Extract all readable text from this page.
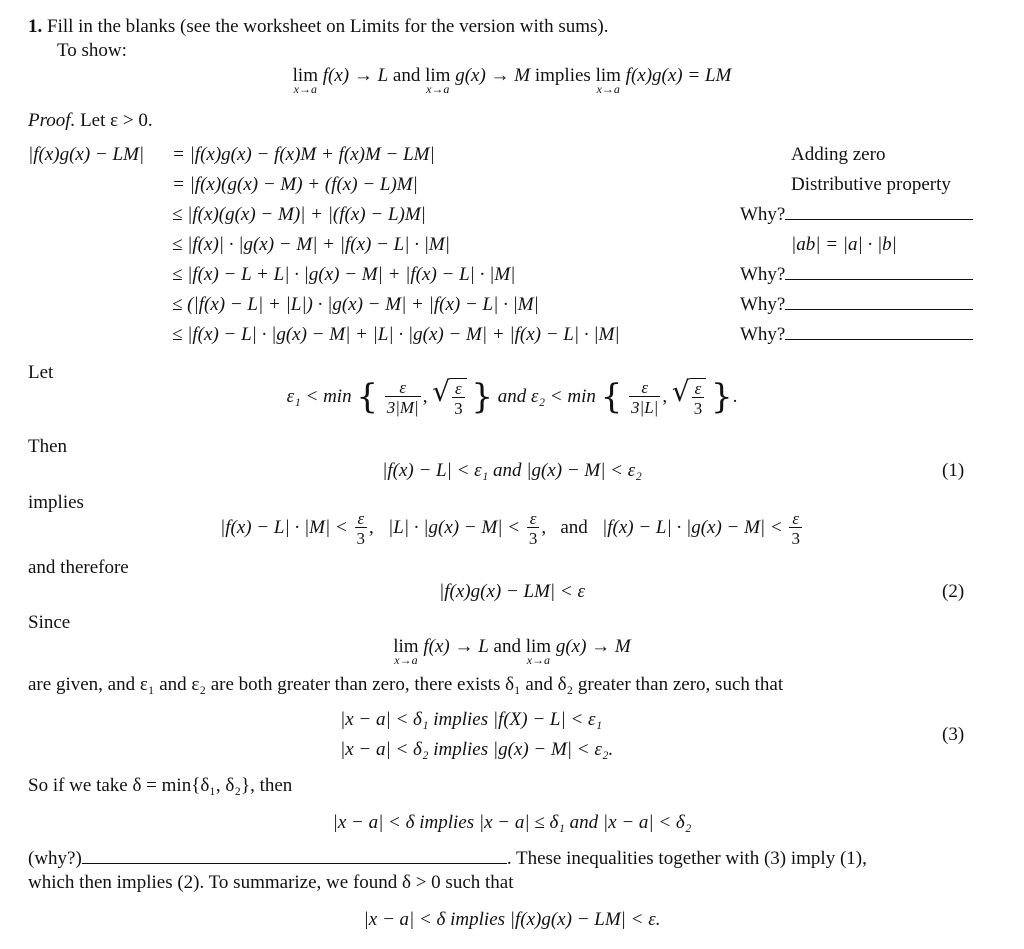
1. Fill in the blanks (see the worksheet on Limits for the version with sums).
To show:
lim
x→a
f(x) → L and lim
x→a
g(x) → M implies lim
x→a
f(x)g(x) = LM
Proof. Let ε > 0.
|f(x)g(x) − LM| = |f(x)g(x) − f(x)M + f(x)M − LM|	Adding zero
= |f(x)(g(x) − M) + (f(x) − L)M|	Distributive property
≤ |f(x)(g(x) − M)| + |(f(x) − L)M|	Why?
≤ |f(x)| · |g(x) − M| + |f(x) − L| · |M|	|ab| = |a| · |b|
≤ |f(x) − L + L| · |g(x) − M| + |f(x) − L| · |M|	Why?
≤ (|f(x) − L| + |L|) · |g(x) − M| + |f(x) − L| · |M|	Why?
≤ |f(x) − L| · |g(x) − M| + |L| · |g(x) − M| + |f(x) − L| · |M|	Why?
Let
ε₁ < min { $\frac{\varepsilon}{3|M|}$ , √ $\frac{\varepsilon}{3}$ } and ε₂ < min { $\frac{\varepsilon}{3|L|}$ , √ $\frac{\varepsilon}{3}$ }.
Then
|f(x) − L| < ε₁ and |g(x) − M| < ε₂	(1)
implies
$|f(x) - L| \cdot |M| < \frac{\varepsilon}{3}$ ,   $|L| \cdot |g(x) - M| < \frac{\varepsilon}{3}$ ,   and $|f(x) - L| \cdot |g(x) - M| < \frac{\varepsilon}{3}$
and therefore
|f(x)g(x) − LM| < ε	(2)
Since
lim
x→a
f(x) → L and lim
x→a
g(x) → M
are given, and ε₁ and ε₂ are both greater than zero, there exists δ₁ and δ₂ greater than zero, such that
|x − a| < δ₁ implies |f(X) − L| < ε₁
|x − a| < δ₂ implies |g(x) − M| < ε₂.
(3)
So if we take δ = min{δ₁, δ₂}, then
|x − a| < δ implies |x − a| ≤ δ₁ and |x − a| < δ₂
(why?)	. These inequalities together with (3) imply (1),
which then implies (2). To summarize, we found δ > 0 such that
|x − a| < δ implies |f(x)g(x) − LM| < ε.
